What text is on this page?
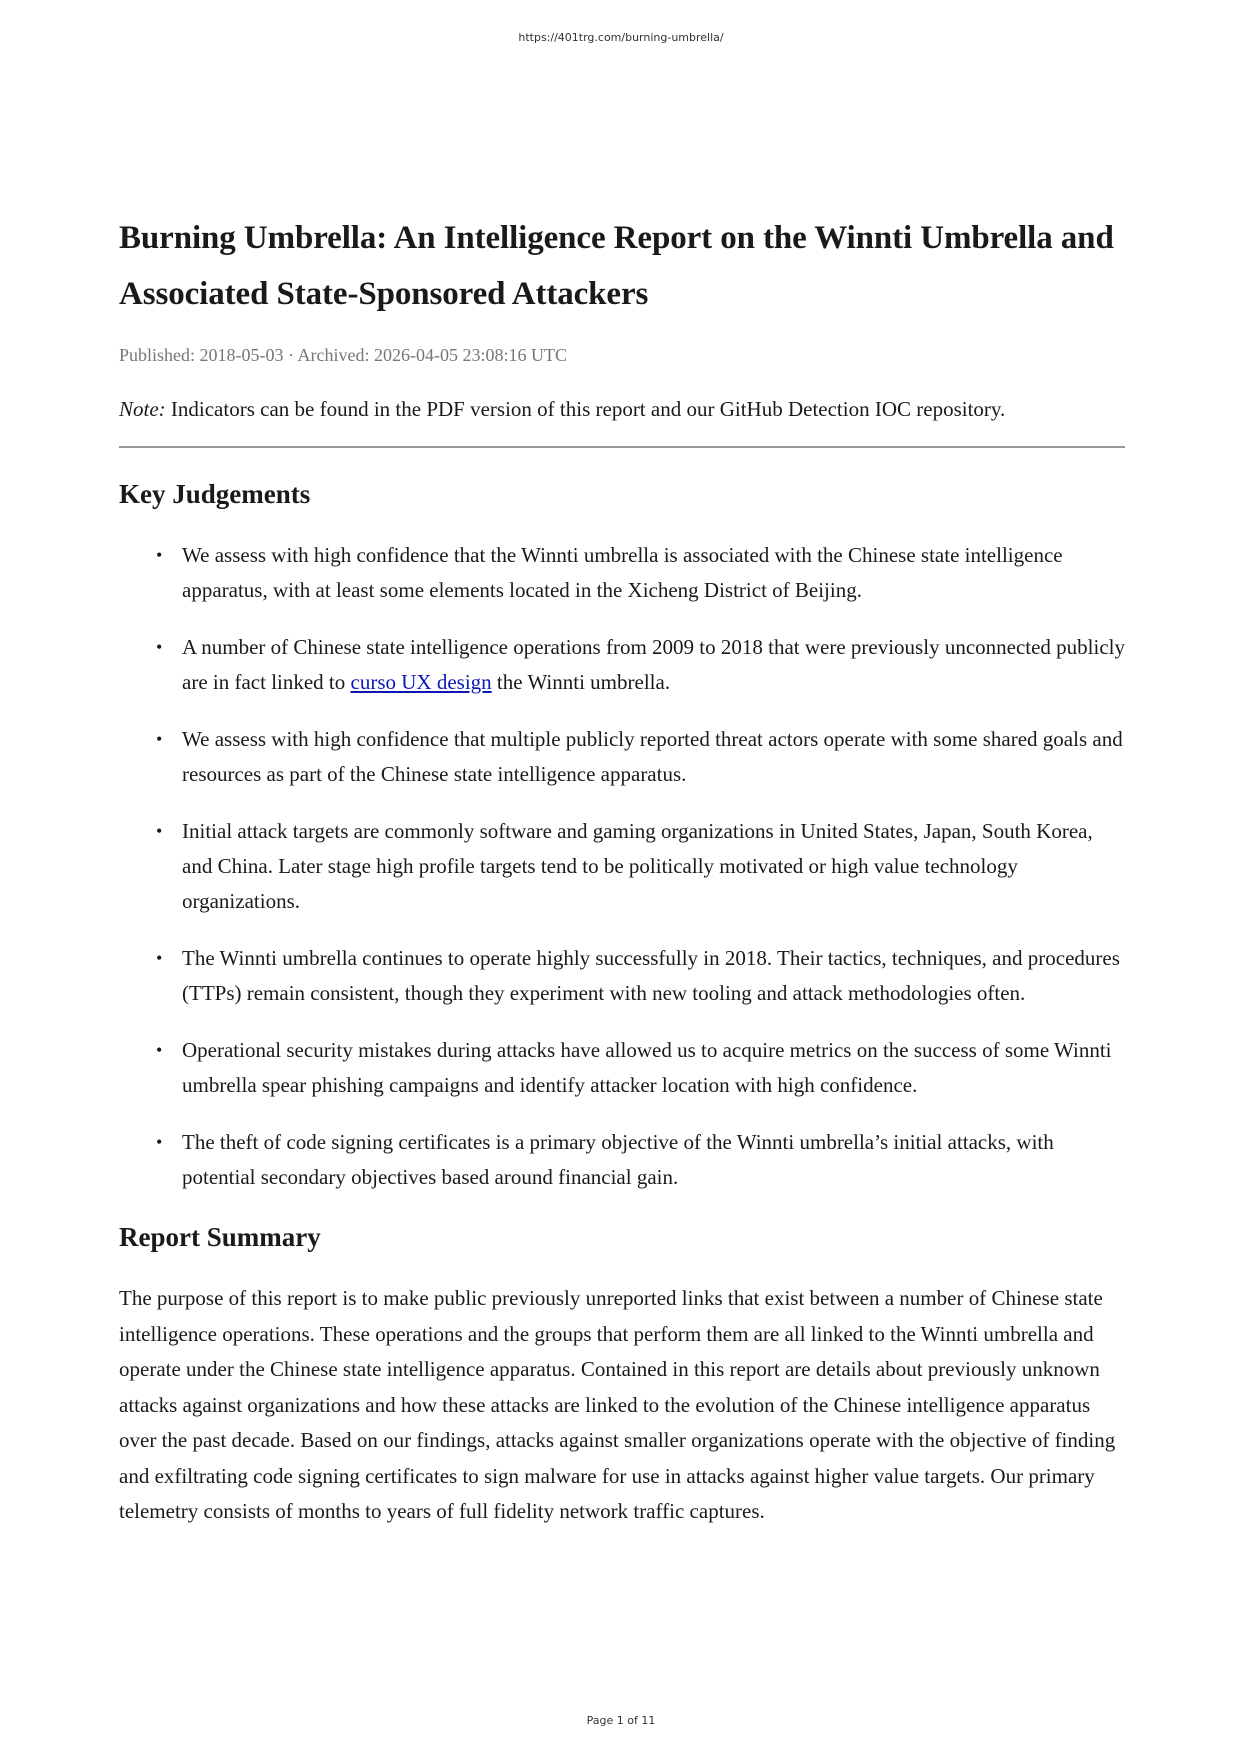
https://401trg.com/burning-umbrella/
Burning Umbrella: An Intelligence Report on the Winnti Umbrella and Associated State-Sponsored Attackers
Published: 2018-05-03 · Archived: 2026-04-05 23:08:16 UTC
Note: Indicators can be found in the PDF version of this report and our GitHub Detection IOC repository.
Key Judgements
• We assess with high confidence that the Winnti umbrella is associated with the Chinese state intelligence apparatus, with at least some elements located in the Xicheng District of Beijing.
• A number of Chinese state intelligence operations from 2009 to 2018 that were previously unconnected publicly are in fact linked to curso UX design the Winnti umbrella.
• We assess with high confidence that multiple publicly reported threat actors operate with some shared goals and resources as part of the Chinese state intelligence apparatus.
• Initial attack targets are commonly software and gaming organizations in United States, Japan, South Korea, and China. Later stage high profile targets tend to be politically motivated or high value technology organizations.
• The Winnti umbrella continues to operate highly successfully in 2018. Their tactics, techniques, and procedures (TTPs) remain consistent, though they experiment with new tooling and attack methodologies often.
• Operational security mistakes during attacks have allowed us to acquire metrics on the success of some Winnti umbrella spear phishing campaigns and identify attacker location with high confidence.
• The theft of code signing certificates is a primary objective of the Winnti umbrella’s initial attacks, with potential secondary objectives based around financial gain.
Report Summary

The purpose of this report is to make public previously unreported links that exist between a number of Chinese state intelligence operations. These operations and the groups that perform them are all linked to the Winnti umbrella and operate under the Chinese state intelligence apparatus. Contained in this report are details about previously unknown attacks against organizations and how these attacks are linked to the evolution of the Chinese intelligence apparatus over the past decade. Based on our findings, attacks against smaller organizations operate with the objective of finding and exfiltrating code signing certificates to sign malware for use in attacks against higher value targets. Our primary telemetry consists of months to years of full fidelity network traffic captures.

Page 1 of 11
